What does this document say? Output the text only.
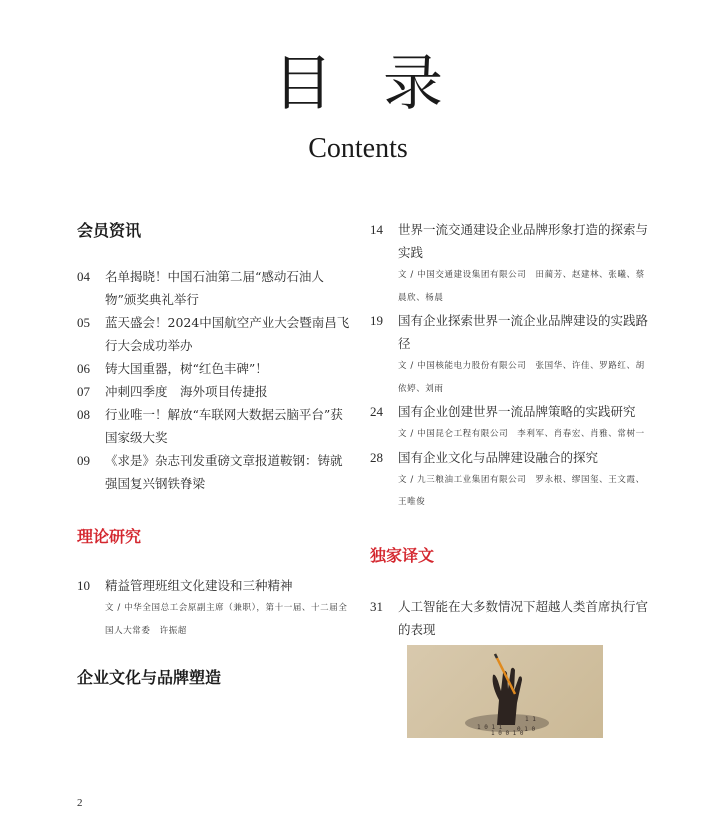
目录
Contents
会员资讯
04	名单揭晓！中国石油第二届“感动石油人物”颁奖典礼举行
05	蓝天盛会！2024中国航空产业大会暨南昌飞行大会成功举办
06	铸大国重器，树“红色丰碑”！
07	冲刺四季度　海外项目传捷报
08	行业唯一！解放“车联网大数据云脑平台”获国家级大奖
09	《求是》杂志刊发重磅文章报道鞍钢：铸就强国复兴钢铁脊梁
理论研究
10	精益管理班组文化建设和三种精神
文 / 中华全国总工会原副主席（兼职），第十一届、十二届全国人大常委　许振超
企业文化与品牌塑造
14	世界一流交通建设企业品牌形象打造的探索与实践
文 / 中国交通建设集团有限公司　田蔺芳、赵建林、张曦、蔡晨欣、杨晨
19	国有企业探索世界一流企业品牌建设的实践路径
文 / 中国核能电力股份有限公司　张国华、许佳、罗路红、胡依婷、刘雨
24	国有企业创建世界一流品牌策略的实践研究
文 / 中国昆仑工程有限公司　李利军、肖春宏、肖雅、常树一
28	国有企业文化与品牌建设融合的探究
文 / 九三粮油工业集团有限公司　罗永根、缪国玺、王文霞、王唯俊
独家译文
31	人工智能在大多数情况下超越人类首席执行官的表现
1 0 1 1 0 1 0
1 0 0 1 0
1 1
2
